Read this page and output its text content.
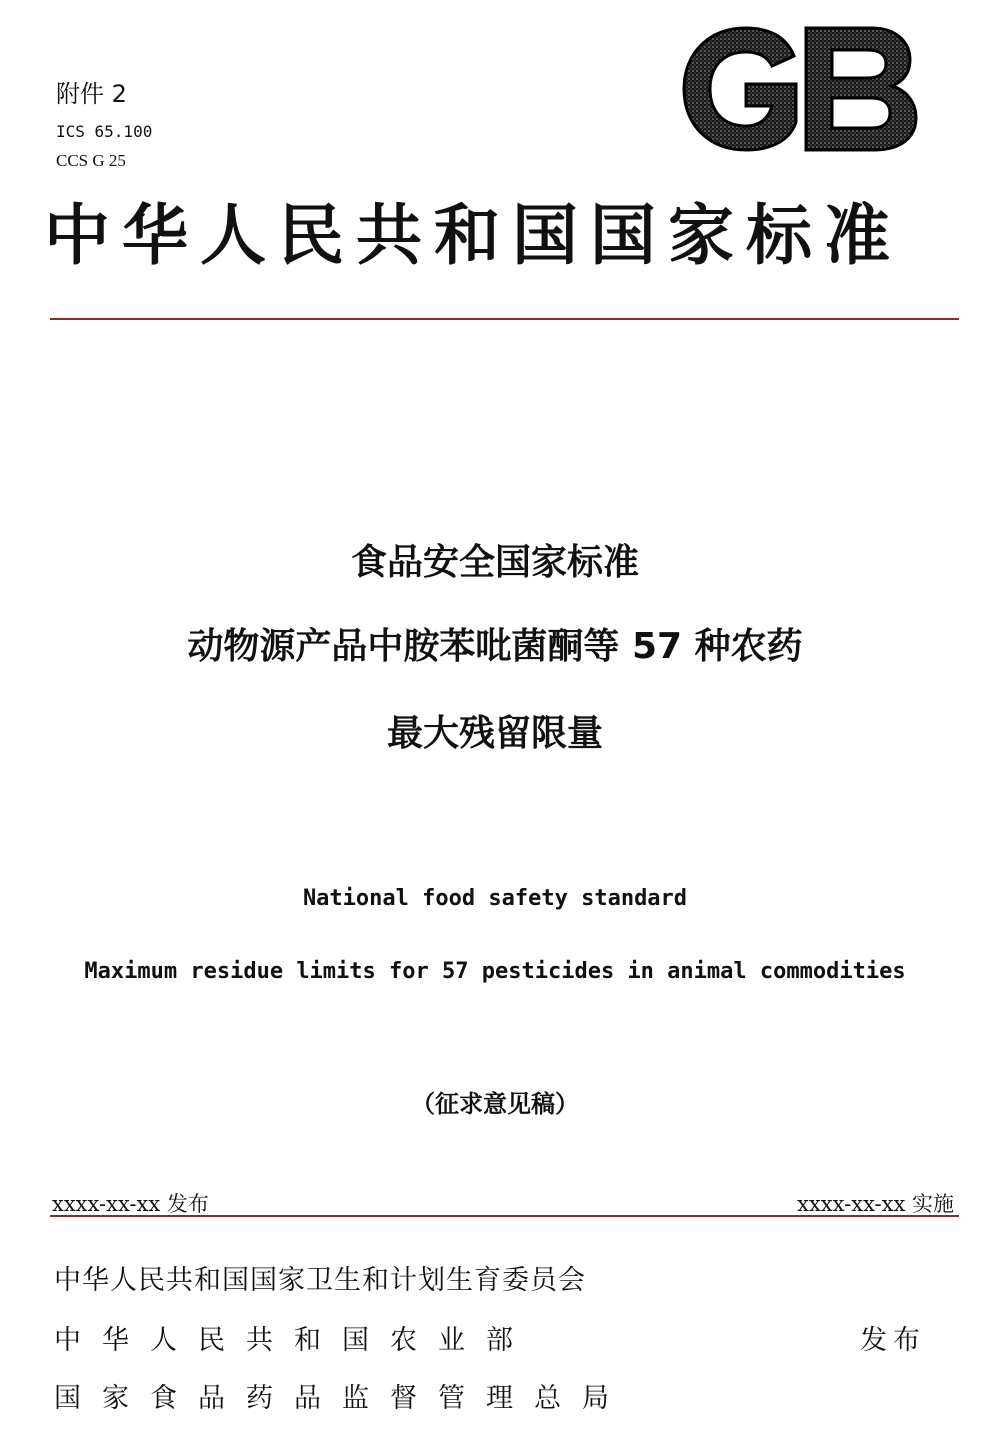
附件 2
ICS 65.100
CCS G 25
GB
中华人民共和国国家标准
食品安全国家标准
动物源产品中胺苯吡菌酮等 57 种农药
最大残留限量
National food safety standard
Maximum residue limits for 57 pesticides in animal commodities
（征求意见稿）
xxxx-xx-xx 发布	xxxx-xx-xx 实施
中华人民共和国国家卫生和计划生育委员会
中华人民共和国农业部	发布
国家食品药品监督管理总局
